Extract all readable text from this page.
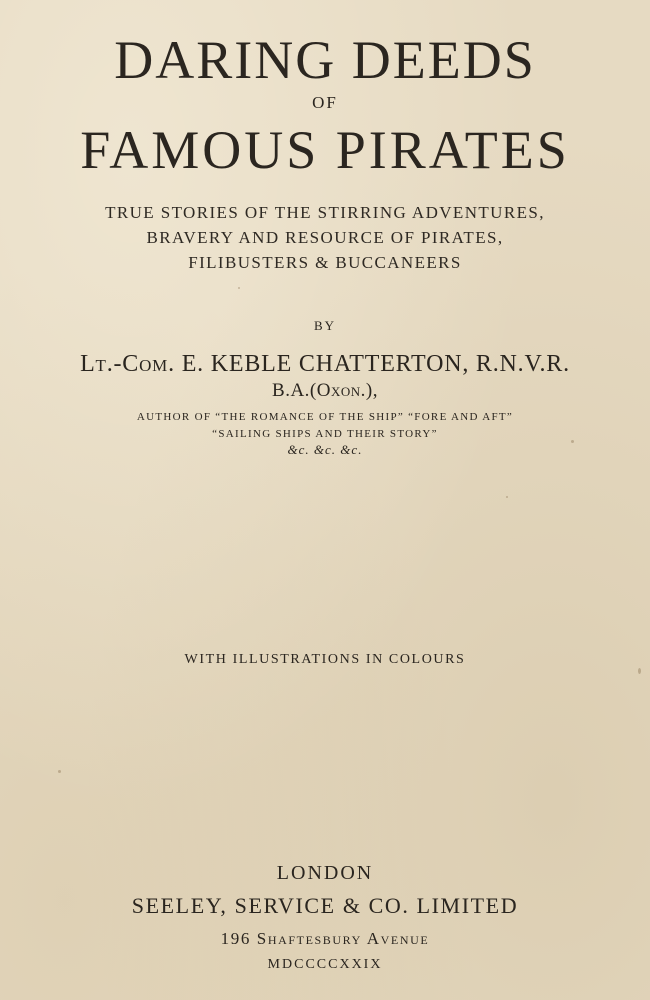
DARING DEEDS
OF
FAMOUS PIRATES
TRUE STORIES OF THE STIRRING ADVENTURES,
BRAVERY AND RESOURCE OF PIRATES,
FILIBUSTERS & BUCCANEERS
BY
Lt.-Com. E. KEBLE CHATTERTON, R.N.V.R.
B.A.(Oxon.),
AUTHOR OF “THE ROMANCE OF THE SHIP” “FORE AND AFT”
“SAILING SHIPS AND THEIR STORY”
&c. &c. &c.
WITH ILLUSTRATIONS IN COLOURS
LONDON
SEELEY, SERVICE & CO. LIMITED
196 Shaftesbury Avenue
MDCCCCXXIX
